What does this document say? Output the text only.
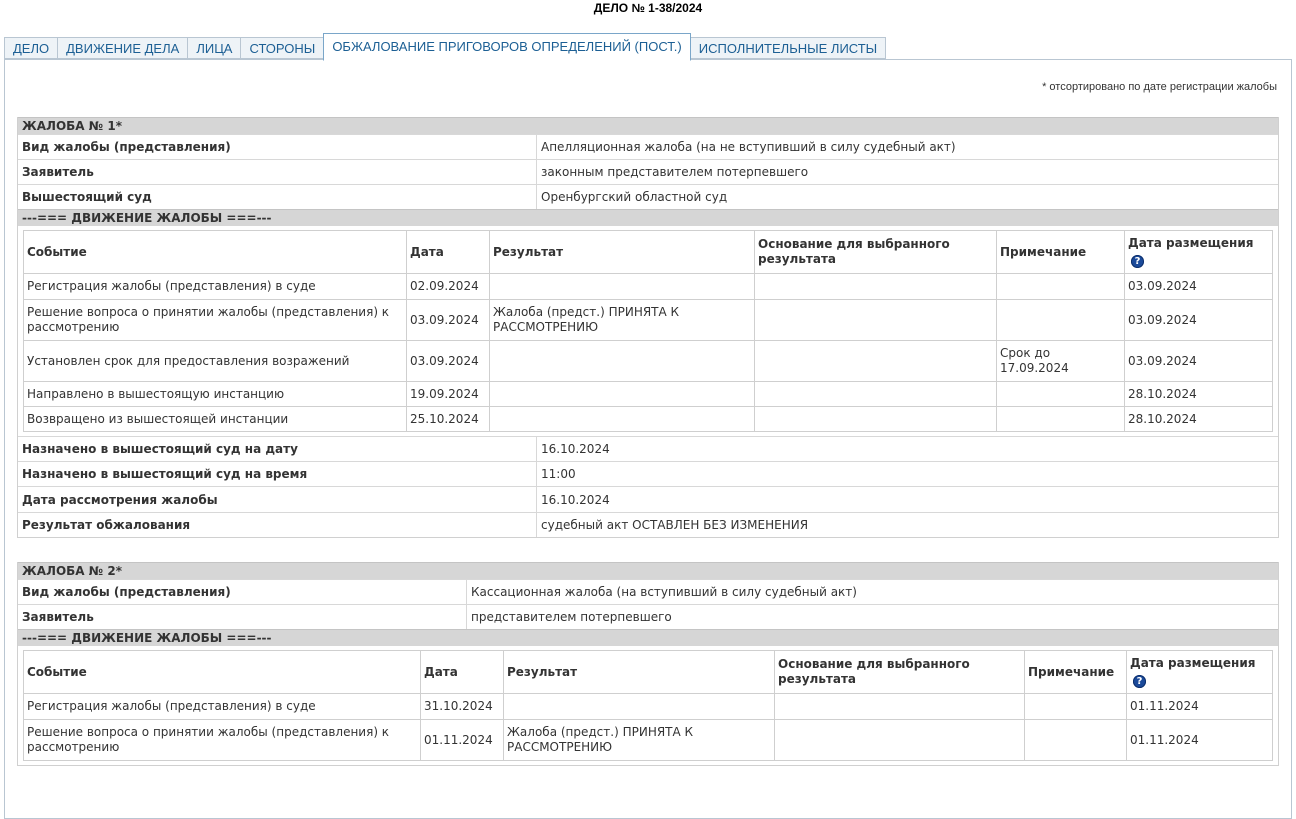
ДЕЛО № 1-38/2024
ДЕЛО	ДВИЖЕНИЕ ДЕЛА	ЛИЦА	СТОРОНЫ	ОБЖАЛОВАНИЕ ПРИГОВОРОВ ОПРЕДЕЛЕНИЙ (ПОСТ.)	ИСПОЛНИТЕЛЬНЫЕ ЛИСТЫ
* отсортировано по дате регистрации жалобы
ЖАЛОБА № 1*
Вид жалобы (представления)	Апелляционная жалоба (на не вступивший в силу судебный акт)
Заявитель	законным представителем потерпевшего
Вышестоящий суд	Оренбургский областной суд
---=== ДВИЖЕНИЕ ЖАЛОБЫ ===---
Событие	Дата	Результат	Основание для выбранного результата	Примечание	Дата размещения?
Регистрация жалобы (представления) в суде	02.09.2024				03.09.2024
Решение вопроса о принятии жалобы (представления) к рассмотрению	03.09.2024	Жалоба (предст.) ПРИНЯТА К РАССМОТРЕНИЮ			03.09.2024
Установлен срок для предоставления возражений	03.09.2024			Срок до 17.09.2024	03.09.2024
Направлено в вышестоящую инстанцию	19.09.2024				28.10.2024
Возвращено из вышестоящей инстанции	25.10.2024				28.10.2024
Назначено в вышестоящий суд на дату	16.10.2024
Назначено в вышестоящий суд на время	11:00
Дата рассмотрения жалобы	16.10.2024
Результат обжалования	судебный акт ОСТАВЛЕН БЕЗ ИЗМЕНЕНИЯ
ЖАЛОБА № 2*
Вид жалобы (представления)	Кассационная жалоба (на вступивший в силу судебный акт)
Заявитель	представителем потерпевшего
---=== ДВИЖЕНИЕ ЖАЛОБЫ ===---
Событие	Дата	Результат	Основание для выбранного результата	Примечание	Дата размещения?
Регистрация жалобы (представления) в суде	31.10.2024				01.11.2024
Решение вопроса о принятии жалобы (представления) к рассмотрению	01.11.2024	Жалоба (предст.) ПРИНЯТА К РАССМОТРЕНИЮ			01.11.2024
